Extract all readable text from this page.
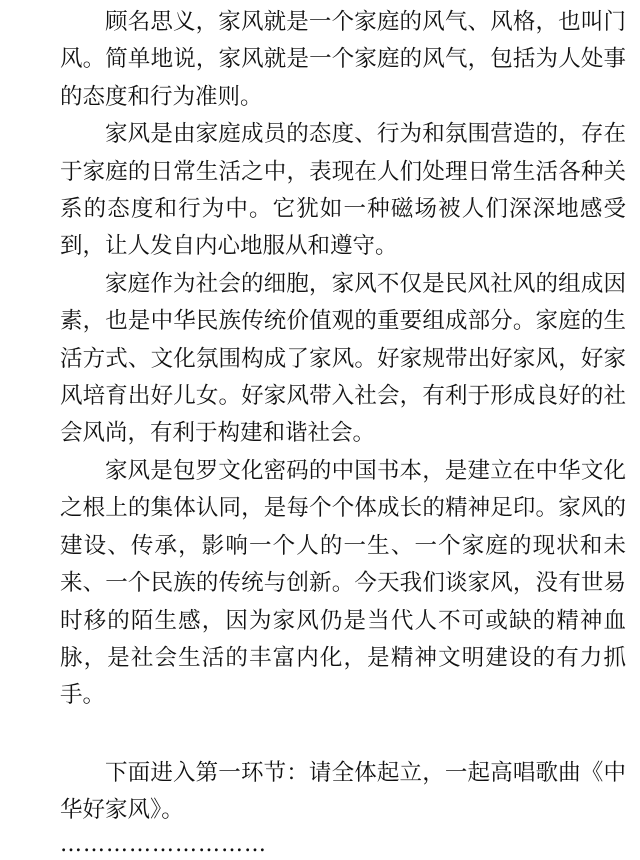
顾名思义，家风就是一个家庭的风气、风格，也叫门风。简单地说，家风就是一个家庭的风气，包括为人处事的态度和行为准则。

家风是由家庭成员的态度、行为和氛围营造的，存在于家庭的日常生活之中，表现在人们处理日常生活各种关系的态度和行为中。它犹如一种磁场被人们深深地感受到，让人发自内心地服从和遵守。

家庭作为社会的细胞，家风不仅是民风社风的组成因素，也是中华民族传统价值观的重要组成部分。家庭的生活方式、文化氛围构成了家风。好家规带出好家风，好家风培育出好儿女。好家风带入社会，有利于形成良好的社会风尚，有利于构建和谐社会。

家风是包罗文化密码的中国书本，是建立在中华文化之根上的集体认同，是每个个体成长的精神足印。家风的建设、传承，影响一个人的一生、一个家庭的现状和未来、一个民族的传统与创新。今天我们谈家风，没有世易时移的陌生感，因为家风仍是当代人不可或缺的精神血脉，是社会生活的丰富内化，是精神文明建设的有力抓手。

下面进入第一环节：请全体起立，一起高唱歌曲《中华好家风》。

………………………
